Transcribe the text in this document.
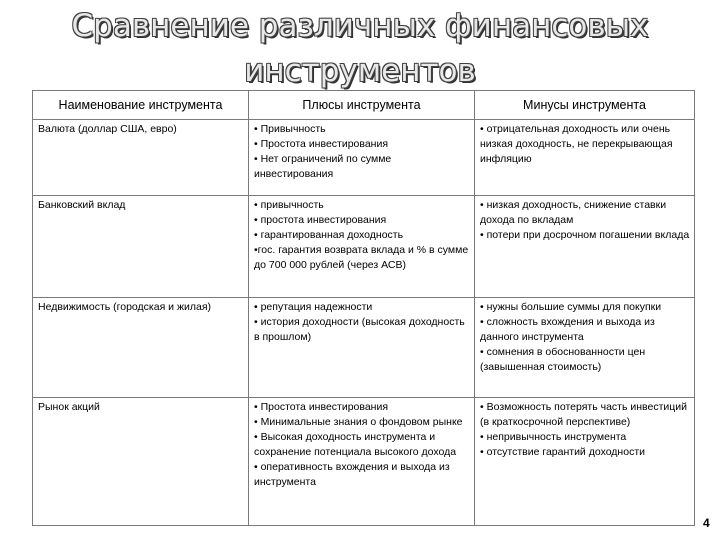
Сравнение различных финансовых
инструментов
Наименование инструмента	Плюсы инструмента	Минусы инструмента
Валюта (доллар США, евро)	• Привычность
• Простота инвестирования
• Нет ограничений по сумме инвестирования	• отрицательная доходность или очень низкая доходность, не перекрывающая инфляцию

Банковский вклад	• привычность
• простота инвестирования
• гарантированная доходность
•гос. гарантия возврата вклада и % в сумме до 700 000 рублей (через АСВ)	• низкая доходность, снижение ставки дохода по вкладам
• потери при досрочном погашении вклада

Недвижимость (городская и жилая)	• репутация надежности
• история доходности (высокая доходность в прошлом)	• нужны большие суммы для покупки
• сложность вхождения и выхода из данного инструмента
• сомнения в обоснованности цен (завышенная стоимость)

Рынок акций	• Простота инвестирования
• Минимальные знания о фондовом рынке
• Высокая доходность инструмента и сохранение потенциала высокого дохода
• оперативность вхождения и выхода из инструмента	• Возможность потерять часть инвестиций (в краткосрочной перспективе)
• непривычность инструмента
• отсутствие гарантий доходности
4
